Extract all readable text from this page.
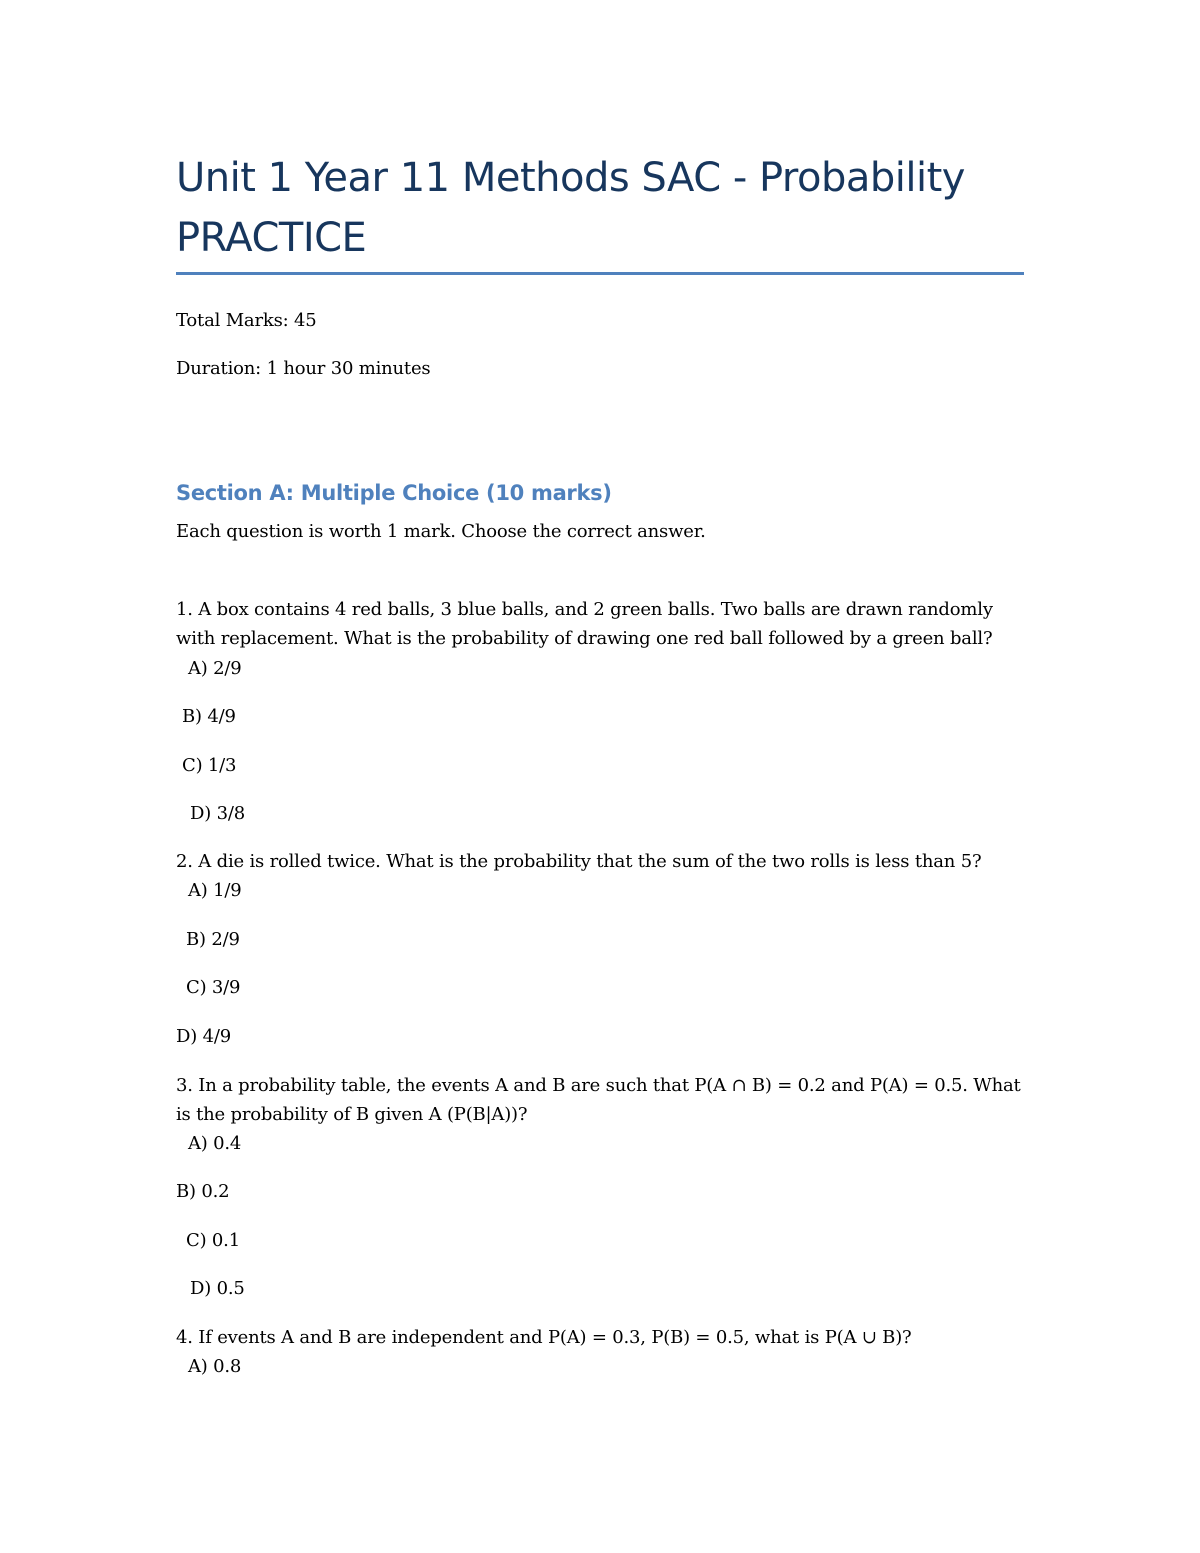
Unit 1 Year 11 Methods SAC - Probability PRACTICE
Total Marks: 45
Duration: 1 hour 30 minutes
Section A: Multiple Choice (10 marks)
Each question is worth 1 mark. Choose the correct answer.
1. A box contains 4 red balls, 3 blue balls, and 2 green balls. Two balls are drawn randomly with replacement. What is the probability of drawing one red ball followed by a green ball?
A) 2/9
B) 4/9
C) 1/3
D) 3/8
2. A die is rolled twice. What is the probability that the sum of the two rolls is less than 5?
A) 1/9
B) 2/9
C) 3/9
D) 4/9
3. In a probability table, the events A and B are such that P(A ∩ B) = 0.2 and P(A) = 0.5. What is the probability of B given A (P(B|A))?
A) 0.4
B) 0.2
C) 0.1
D) 0.5
4. If events A and B are independent and P(A) = 0.3, P(B) = 0.5, what is P(A ∪ B)?
A) 0.8
